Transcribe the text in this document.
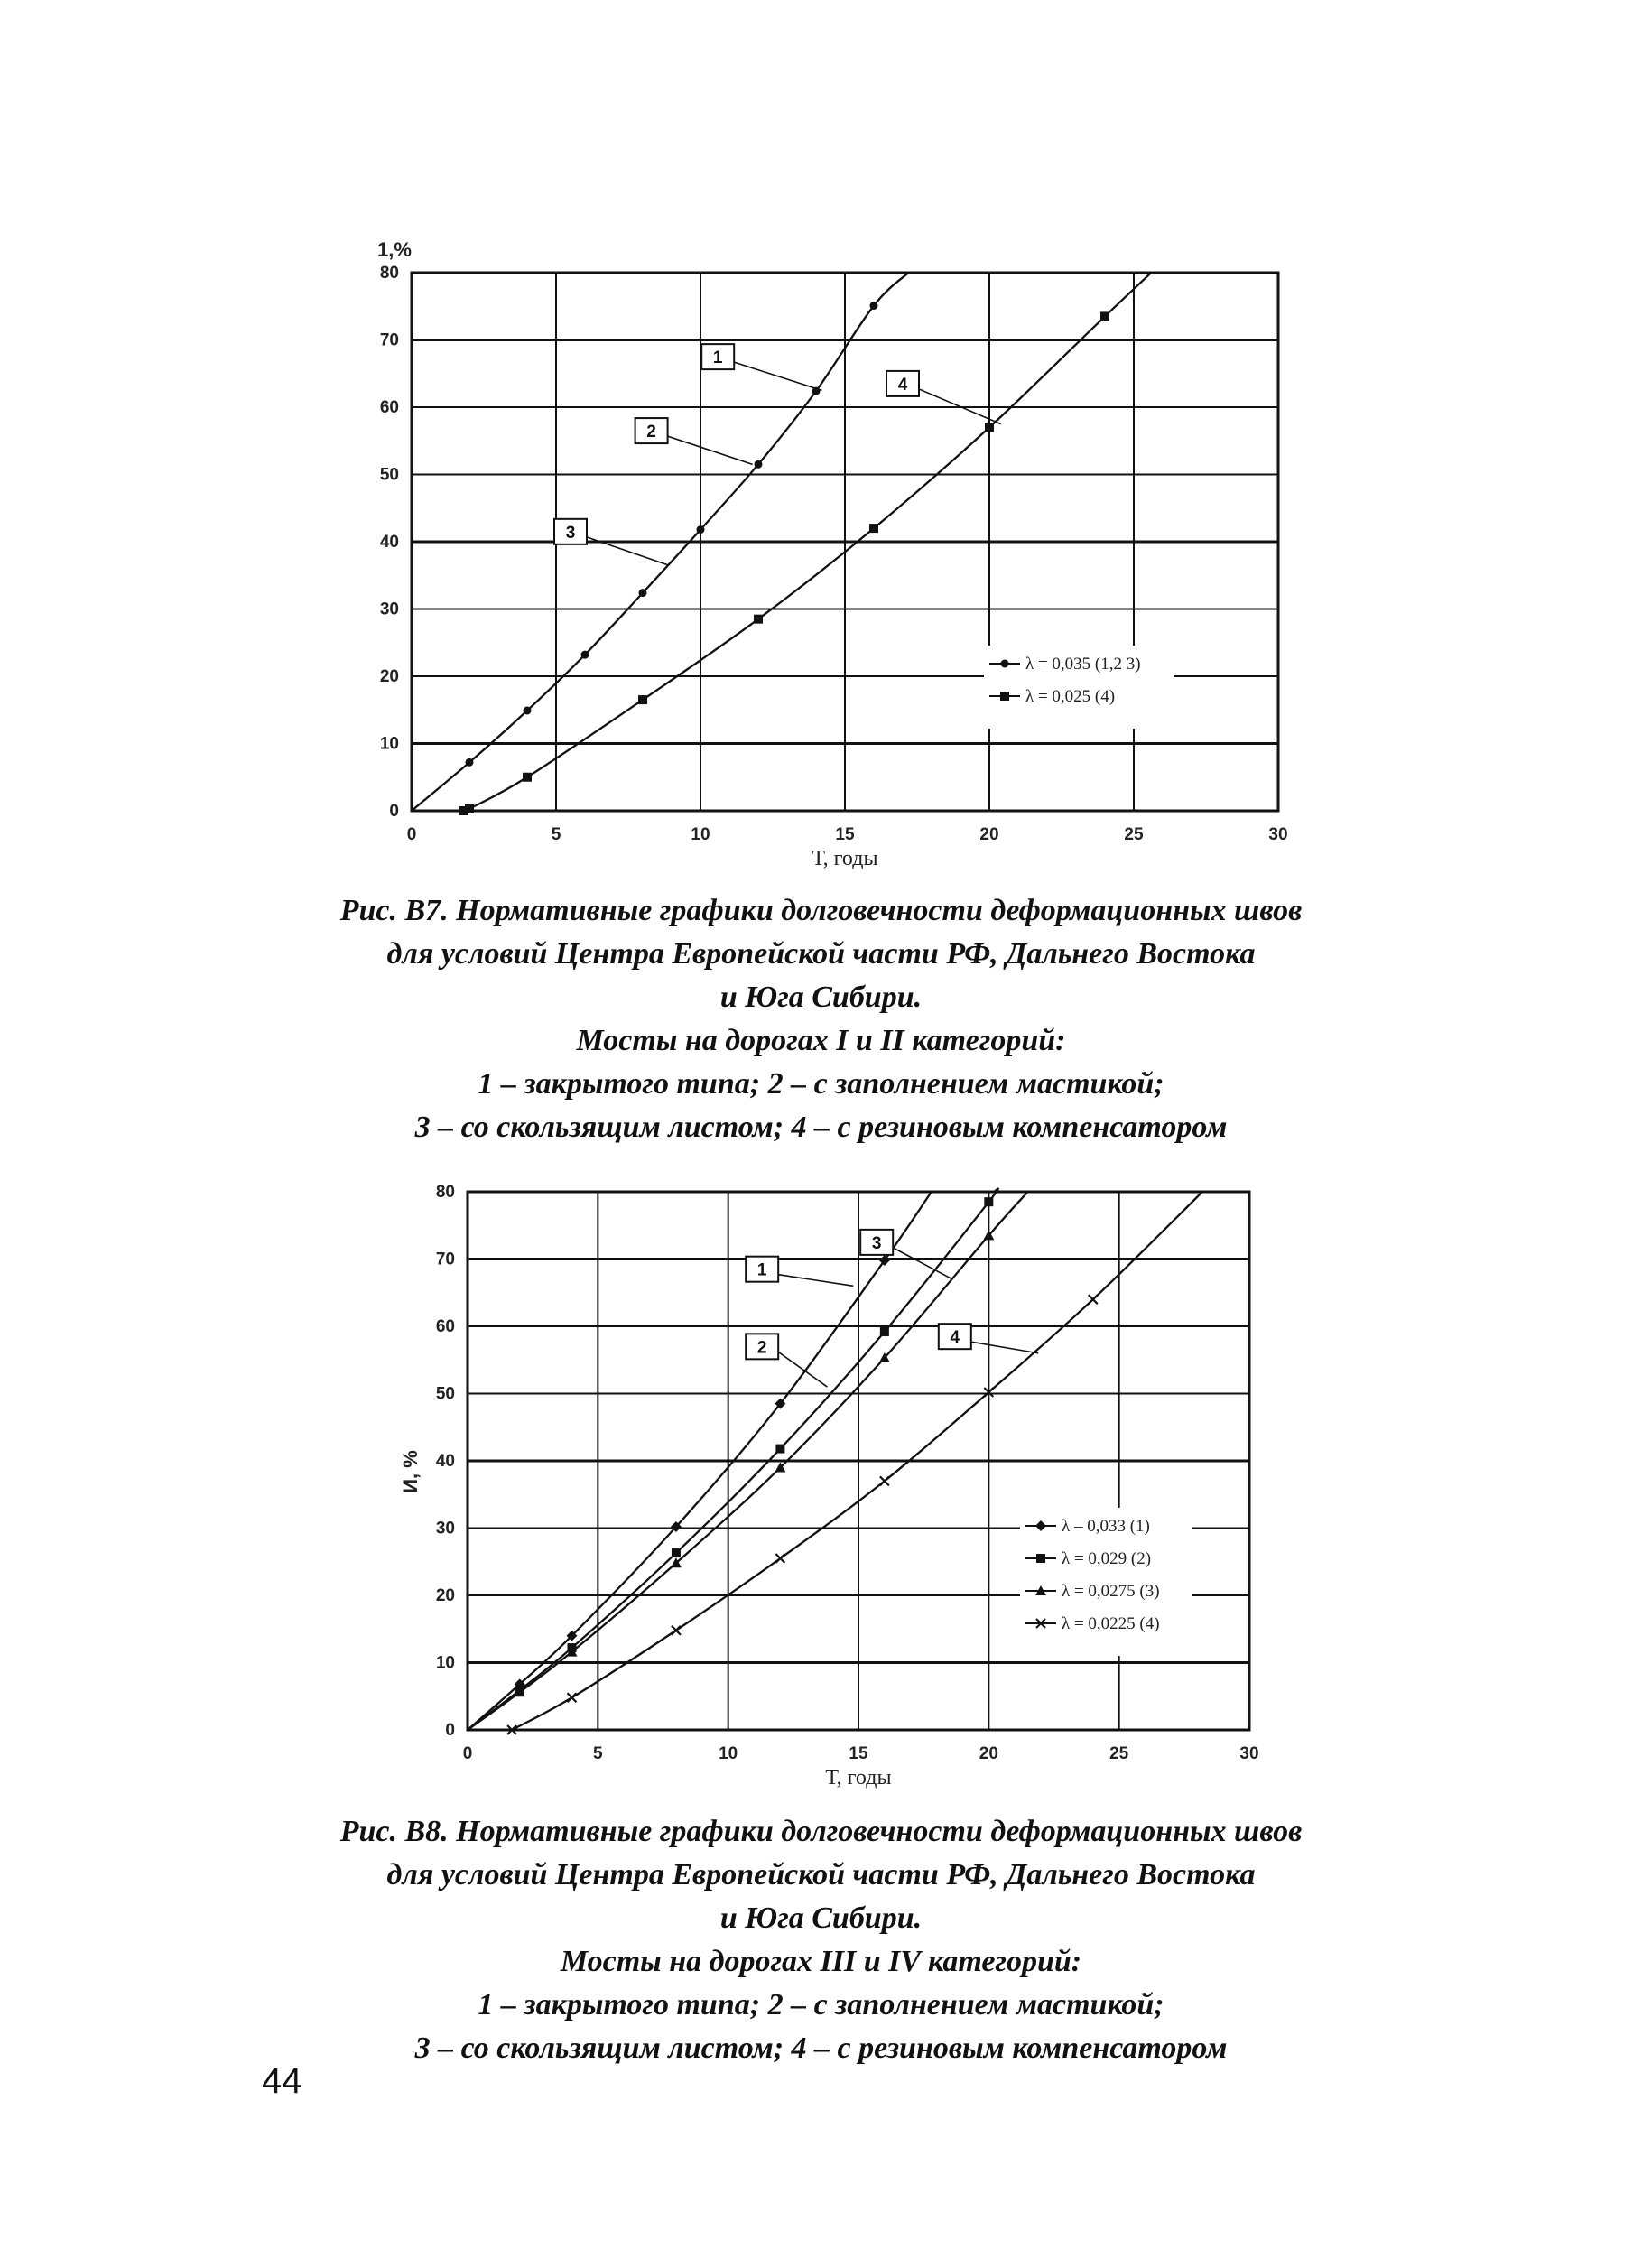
0
10
20
30
40
50
60
70
80
0	5	10	15	20	25	30
Т, годы
1,%
1
2
3
4
λ = 0,035 (1,2 3)
λ = 0,025 (4)
Рис. В7. Нормативные графики долговечности деформационных швов
для условий Центра Европейской части РФ, Дальнего Востока
и Юга Сибири.
Мосты на дорогах I и II категорий:
1 – закрытого типа; 2 – с заполнением мастикой;
3 – со скользящим листом; 4 – с резиновым компенсатором
0
10
20
30
40
50
60
70
80
0	5	10	15	20	25	30
Т, годы
И, %
1
2
3
4
λ – 0,033 (1)
λ = 0,029 (2)
λ = 0,0275 (3)
λ = 0,0225 (4)
Рис. В8. Нормативные графики долговечности деформационных швов
для условий Центра Европейской части РФ, Дальнего Востока
и Юга Сибири.
Мосты на дорогах III и IV категорий:
1 – закрытого типа; 2 – с заполнением мастикой;
3 – со скользящим листом; 4 – с резиновым компенсатором
44
